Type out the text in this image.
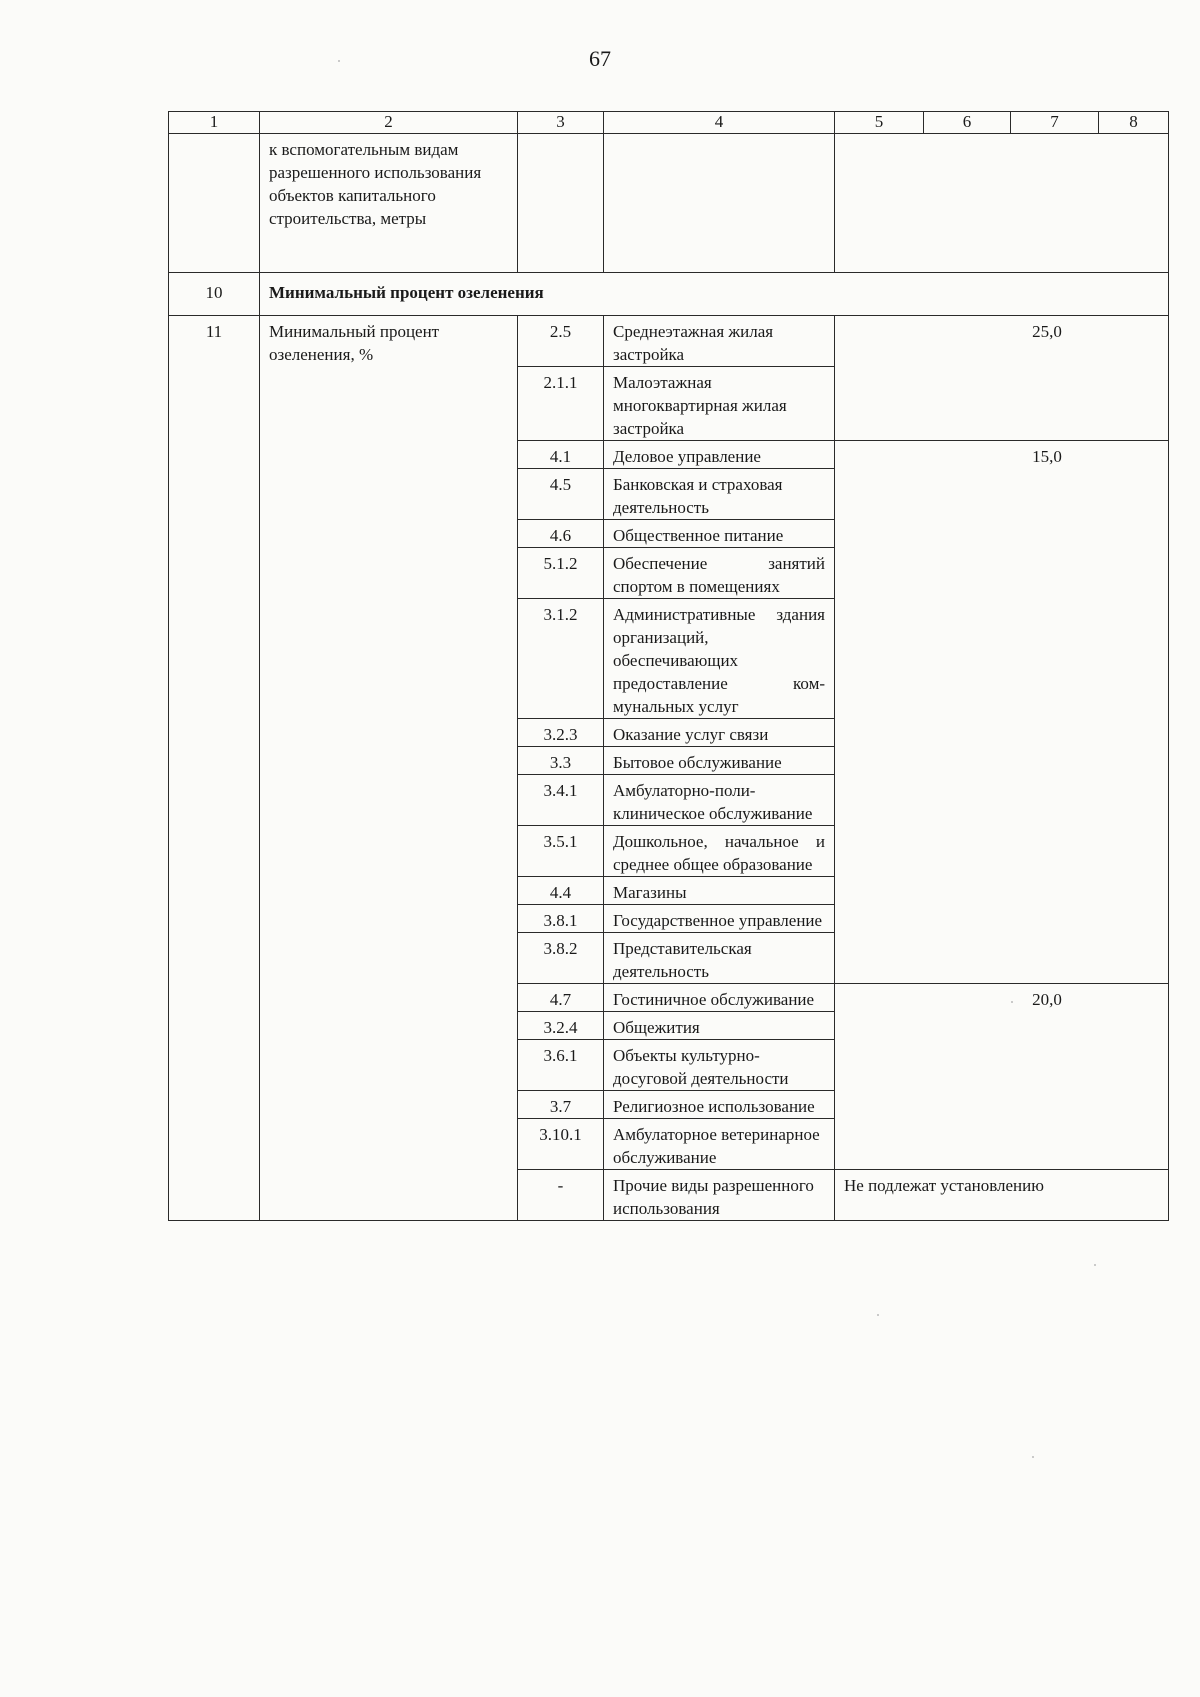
67
1	2	3	4	5	6	7	8
	к вспомогательным видам разрешенного использования объектов капитального строительства, метры						
10	Минимальный процент озеленения						
11	Минимальный процент озеленения, %	2.5	Среднеэтажная жилая застройка	25,0			
		2.1.1	Малоэтажная многоквартирная жилая застройка				
		4.1	Деловое управление	15,0			
		4.5	Банковская и страховая деятельность				
		4.6	Общественное питание				
		5.1.2	Обеспечение занятий спортом в помещениях				
		3.1.2	Административные здания организаций, обеспечивающих предоставление ком- мунальных услуг				
		3.2.3	Оказание услуг связи				
		3.3	Бытовое обслуживание				
		3.4.1	Амбулаторно-поли- клиническое обслуживание				
		3.5.1	Дошкольное, начальное и среднее общее образование				
		4.4	Магазины				
		3.8.1	Государственное управление				
		3.8.2	Представительская деятельность				
		4.7	Гостиничное обслуживание	20,0			
		3.2.4	Общежития				
		3.6.1	Объекты культурно-досуговой деятельности				
		3.7	Религиозное использование				
		3.10.1	Амбулаторное ветеринарное обслуживание				
		-	Прочие виды разрешенного использования	Не подлежат установлению			
